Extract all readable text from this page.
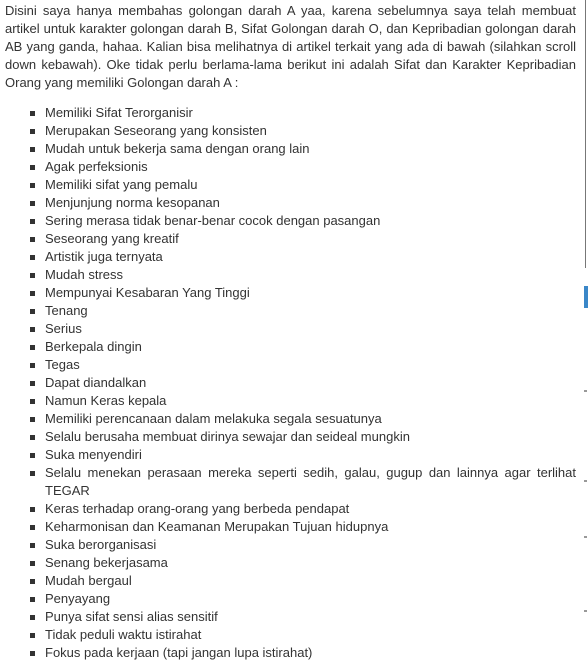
Disini saya hanya membahas golongan darah A yaa, karena sebelumnya saya telah membuat artikel untuk karakter golongan darah B, Sifat Golongan darah O, dan Kepribadian golongan darah AB yang ganda, hahaa. Kalian bisa melihatnya di artikel terkait yang ada di bawah (silahkan scroll down kebawah). Oke tidak perlu berlama-lama berikut ini adalah Sifat dan Karakter Kepribadian Orang yang memiliki Golongan darah A :

Memiliki Sifat Terorganisir
Merupakan Seseorang yang konsisten
Mudah untuk bekerja sama dengan orang lain
Agak perfeksionis
Memiliki sifat yang pemalu
Menjunjung norma kesopanan
Sering merasa tidak benar-benar cocok dengan pasangan
Seseorang yang kreatif
Artistik juga ternyata
Mudah stress
Mempunyai Kesabaran Yang Tinggi
Tenang
Serius
Berkepala dingin
Tegas
Dapat diandalkan
Namun Keras kepala
Memiliki perencanaan dalam melakuka segala sesuatunya
Selalu berusaha membuat dirinya sewajar dan seideal mungkin
Suka menyendiri
Selalu menekan perasaan mereka seperti sedih, galau, gugup dan lainnya agar terlihat TEGAR
Keras terhadap orang-orang yang berbeda pendapat
Keharmonisan dan Keamanan Merupakan Tujuan hidupnya
Suka berorganisasi
Senang bekerjasama
Mudah bergaul
Penyayang
Punya sifat sensi alias sensitif
Tidak peduli waktu istirahat
Fokus pada kerjaan (tapi jangan lupa istirahat)
